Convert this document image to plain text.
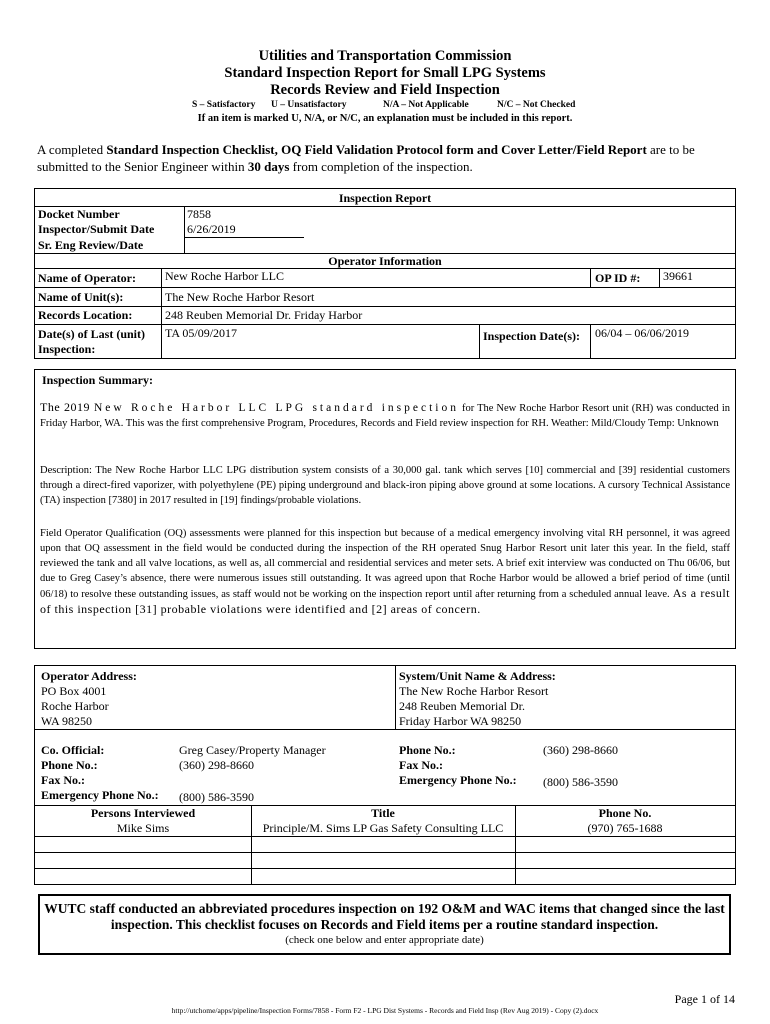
Utilities and Transportation Commission
Standard Inspection Report for Small LPG Systems
Records Review and Field Inspection
S – Satisfactory U – Unsatisfactory	N/A – Not Applicable	N/C – Not Checked
If an item is marked U, N/A, or N/C, an explanation must be included in this report.
A completed Standard Inspection Checklist, OQ Field Validation Protocol form and Cover Letter/Field Report are to be submitted to the Senior Engineer within 30 days from completion of the inspection.
Inspection Report
Docket Number	7858
Inspector/Submit Date	6/26/2019
Sr. Eng Review/Date
Operator Information
Name of Operator: New Roche Harbor LLC	OP ID #: 39661
Name of Unit(s):	The New Roche Harbor Resort
Records Location:	248 Reuben Memorial Dr. Friday Harbor
Date(s) of Last (unit)
Inspection:
TA 05/09/2017	Inspection Date(s): 06/04 – 06/06/2019
Inspection Summary:
The 2019 New Roche Harbor LLC LPG standard inspection for The New Roche Harbor Resort unit (RH) was conducted in Friday Harbor, WA. This was the first comprehensive Program, Procedures, Records and Field review inspection for RH. Weather: Mild/Cloudy Temp: Unknown
Description: The New Roche Harbor LLC LPG distribution system consists of a 30,000 gal. tank which serves [10] commercial and [39] residential customers through a direct-fired vaporizer, with polyethylene (PE) piping underground and black-iron piping above ground at some locations. A cursory Technical Assistance (TA) inspection [7380] in 2017 resulted in [19] findings/probable violations.
Field Operator Qualification (OQ) assessments were planned for this inspection but because of a medical emergency involving vital RH personnel, it was agreed upon that OQ assessment in the field would be conducted during the inspection of the RH operated Snug Harbor Resort unit later this year. In the field, staff reviewed the tank and all valve locations, as well as, all commercial and residential services and meter sets. A brief exit interview was conducted on Thu 06/06, but due to Greg Casey’s absence, there were numerous issues still outstanding. It was agreed upon that Roche Harbor would be allowed a brief period of time (until 06/18) to resolve these outstanding issues, as staff would not be working on the inspection report until after returning from a scheduled annual leave. As a result of this inspection [31] probable violations were identified and [2] areas of concern.
Operator Address:
PO Box 4001
Roche Harbor
WA 98250
System/Unit Name & Address:
The New Roche Harbor Resort
248 Reuben Memorial Dr.
Friday Harbor WA 98250
Co. Official:	Greg Casey/Property Manager
Phone No.:	(360) 298-8660
Fax No.:
Emergency Phone No.: (800) 586-3590
Phone No.:	(360) 298-8660
Fax No.:
Emergency Phone No.: (800) 586-3590
Persons Interviewed	Title	Phone No.
Mike Sims	Principle/M. Sims LP Gas Safety Consulting LLC	(970) 765-1688
WUTC staff conducted an abbreviated procedures inspection on 192 O&M and WAC items that changed since the last inspection. This checklist focuses on Records and Field items per a routine standard inspection.
(check one below and enter appropriate date)
Page 1 of 14
http://utchome/apps/pipeline/Inspection Forms/7858 - Form F2 - LPG Dist Systems - Records and Field Insp (Rev Aug 2019) - Copy (2).docx
